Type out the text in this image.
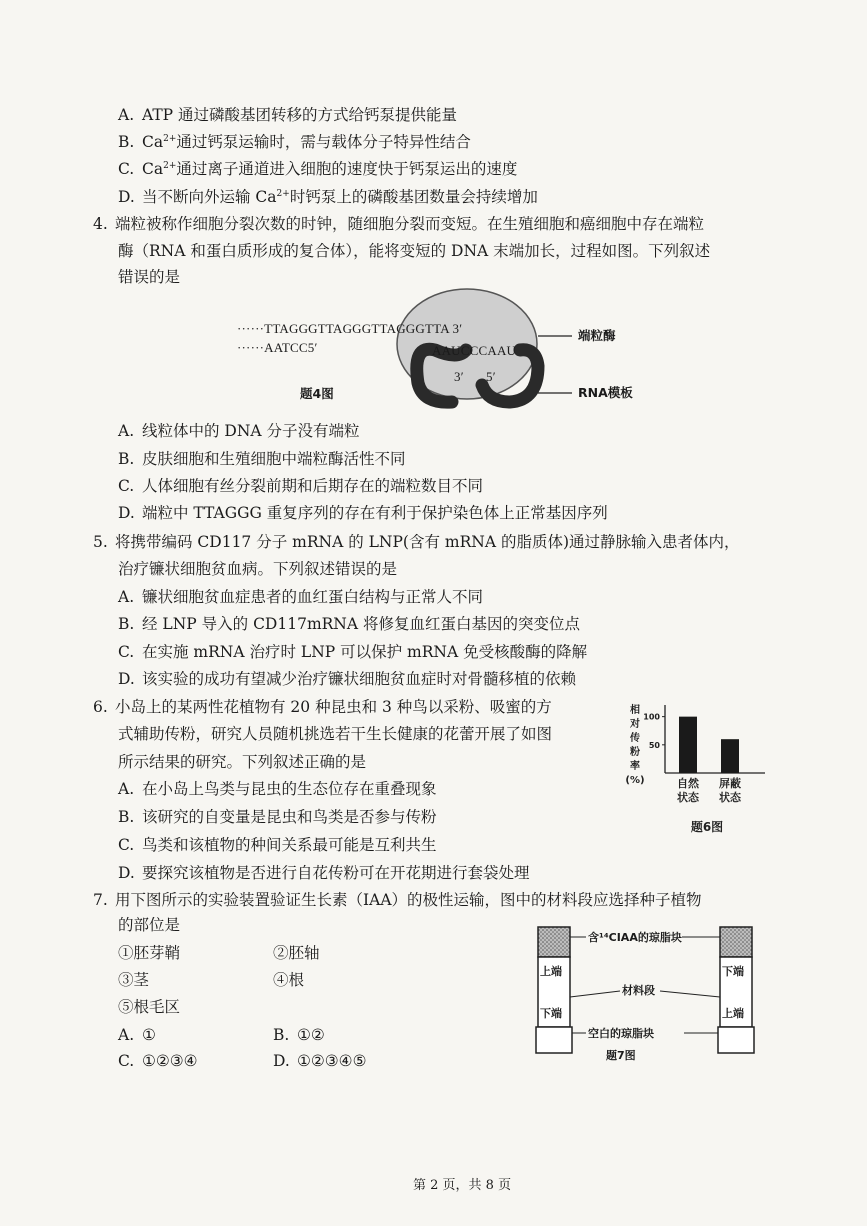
A. ATP 通过磷酸基团转移的方式给钙泵提供能量
B. $Ca^{2+}$通过钙泵运输时，需与载体分子特异性结合
C. $Ca^{2+}$通过离子通道进入细胞的速度快于钙泵运出的速度
D. 当不断向外运输 $Ca^{2+}$时钙泵上的磷酸基团数量会持续增加
4. 端粒被称作细胞分裂次数的时钟，随细胞分裂而变短。在生殖细胞和癌细胞中存在端粒
酶（RNA 和蛋白质形成的复合体），能将变短的 DNA 末端加长，过程如图。下列叙述
错误的是
······TTAGGGTTAGGGTTAGGGTTA 3′
······AATCC5′	AAUCCCAAU
3′ 5′
端粒酶
RNA模板
题4图
A. 线粒体中的 DNA 分子没有端粒
B. 皮肤细胞和生殖细胞中端粒酶活性不同
C. 人体细胞有丝分裂前期和后期存在的端粒数目不同
D. 端粒中 TTAGGG 重复序列的存在有利于保护染色体上正常基因序列
5. 将携带编码 CD117 分子 mRNA 的 LNP(含有 mRNA 的脂质体)通过静脉输入患者体内，
治疗镰状细胞贫血病。下列叙述错误的是
A. 镰状细胞贫血症患者的血红蛋白结构与正常人不同
B. 经 LNP 导入的 CD117mRNA 将修复血红蛋白基因的突变位点
C. 在实施 mRNA 治疗时 LNP 可以保护 mRNA 免受核酸酶的降解
D. 该实验的成功有望减少治疗镰状细胞贫血症时对骨髓移植的依赖
6. 小岛上的某两性花植物有 20 种昆虫和 3 种鸟以采粉、吸蜜的方
式辅助传粉，研究人员随机挑选若干生长健康的花蕾开展了如图
所示结果的研究。下列叙述正确的是
A. 在小岛上鸟类与昆虫的生态位存在重叠现象
B. 该研究的自变量是昆虫和鸟类是否参与传粉
C. 鸟类和该植物的种间关系最可能是互利共生
D. 要探究该植物是否进行自花传粉可在开花期进行套袋处理
50
100
相
对
传
粉
率
(%)	自然
状态
屏蔽
状态
题6图
7. 用下图所示的实验装置验证生长素（IAA）的极性运输，图中的材料段应选择种子植物
的部位是
①胚芽鞘	②胚轴
③茎	④根
⑤根毛区
A. ①	B. ①②
C. ①②③④	D. ①②③④⑤
含¹⁴CIAA的琼脂块
上端
下端
下端
上端
材料段
空白的琼脂块
题7图
第 2 页，共 8 页
